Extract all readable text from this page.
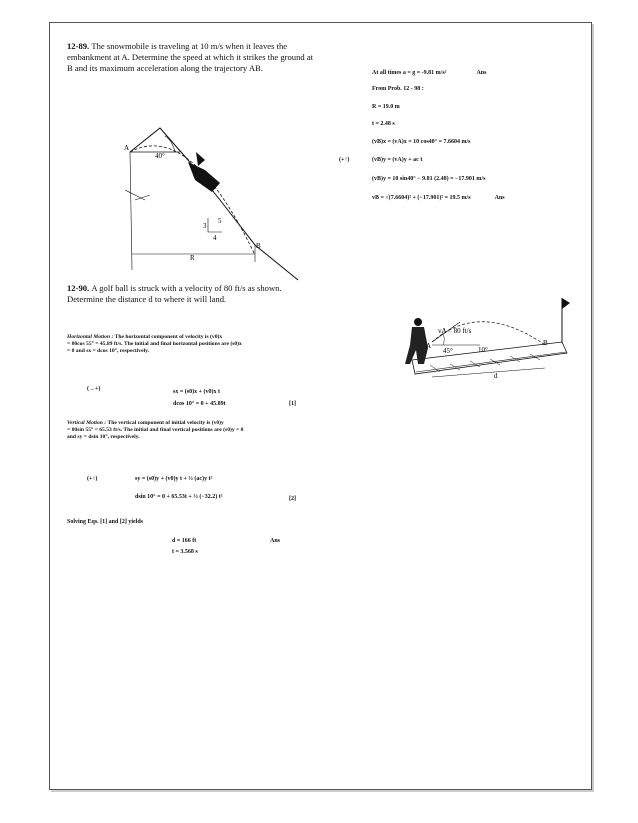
12-89. The snowmobile is traveling at 10 m/s when it leaves the embankment at A. Determine the speed at which it strikes the ground at B and its maximum acceleration along the trajectory AB.
A
B
R
40°
3
4
5
At all times a = g = -9.81 m/s²	Ans
From Prob. 12 - 98 :
R = 19.0 m
t = 2.48 s
(vB)x = (vA)x = 10 cos40° = 7.6604 m/s
(+↑)	(vB)y = (vA)y + ac t
(vB)y = 10 sin40° − 9.81 (2.48) = −17.901 m/s
vB = √(7.6604)² + (−17.901)² = 19.5 m/s	Ans
12-90. A golf ball is struck with a velocity of 80 ft/s as shown. Determine the distance d to where it will land.
vA = 80 ft/s
45°	10°
A	B
d
Horizontal Motion : The horizontal component of velocity is (v0)x
= 80cos 55° = 45.89 ft/s. The initial and final horizontal positions are (s0)x
= 0 and sx = dcos 10°, respectively.
(→+)	sx = (s0)x + (v0)x t
dcos 10° = 0 + 45.89t	[1]
Vertical Motion : The vertical component of initial velocity is (v0)y
= 80sin 55° = 65.53 ft/s. The initial and final vertical positions are (s0)y = 0
and sy = dsin 10°, respectively.
(+↑)	sy = (s0)y + (v0)y t + ½ (ac)y t²
dsin 10° = 0 + 65.53t + ½ (−32.2) t²	[2]
Solving Eqs. [1] and [2] yields
d = 166 ft
t = 3.568 s
Ans
